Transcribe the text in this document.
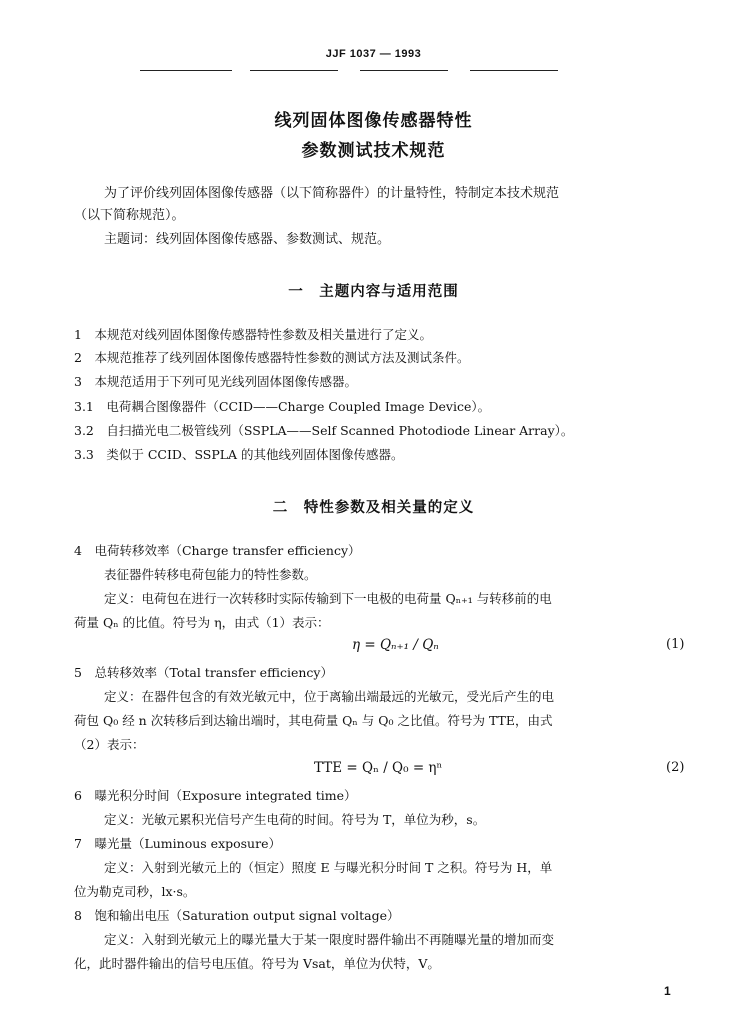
JJF 1037 — 1993
线列固体图像传感器特性
参数测试技术规范
为了评价线列固体图像传感器（以下简称器件）的计量特性，特制定本技术规范
（以下简称规范）。
主题词：线列固体图像传感器、参数测试、规范。
一　主题内容与适用范围
1　本规范对线列固体图像传感器特性参数及相关量进行了定义。
2　本规范推荐了线列固体图像传感器特性参数的测试方法及测试条件。
3　本规范适用于下列可见光线列固体图像传感器。
3.1　电荷耦合图像器件（CCID——Charge Coupled Image Device）。
3.2　自扫描光电二极管线列（SSPLA——Self Scanned Photodiode Linear Array）。
3.3　类似于 CCID、SSPLA 的其他线列固体图像传感器。
二　特性参数及相关量的定义
4　电荷转移效率（Charge transfer efficiency）
表征器件转移电荷包能力的特性参数。
定义：电荷包在进行一次转移时实际传输到下一电极的电荷量 Qₙ₊₁ 与转移前的电
荷量 Qₙ 的比值。符号为 η，由式（1）表示：
η = Qₙ₊₁ / Qₙ	(1)
5　总转移效率（Total transfer efficiency）
定义：在器件包含的有效光敏元中，位于离输出端最远的光敏元，受光后产生的电
荷包 Q₀ 经 n 次转移后到达输出端时，其电荷量 Qₙ 与 Q₀ 之比值。符号为 TTE，由式
（2）表示：
TTE = Qₙ / Q₀ = ηⁿ	(2)
6　曝光积分时间（Exposure integrated time）
定义：光敏元累积光信号产生电荷的时间。符号为 T，单位为秒，s。
7　曝光量（Luminous exposure）
定义：入射到光敏元上的（恒定）照度 E 与曝光积分时间 T 之积。符号为 H，单
位为勒克司秒，lx·s。
8　饱和输出电压（Saturation output signal voltage）
定义：入射到光敏元上的曝光量大于某一限度时器件输出不再随曝光量的增加而变
化，此时器件输出的信号电压值。符号为 Vsat，单位为伏特，V。
1
